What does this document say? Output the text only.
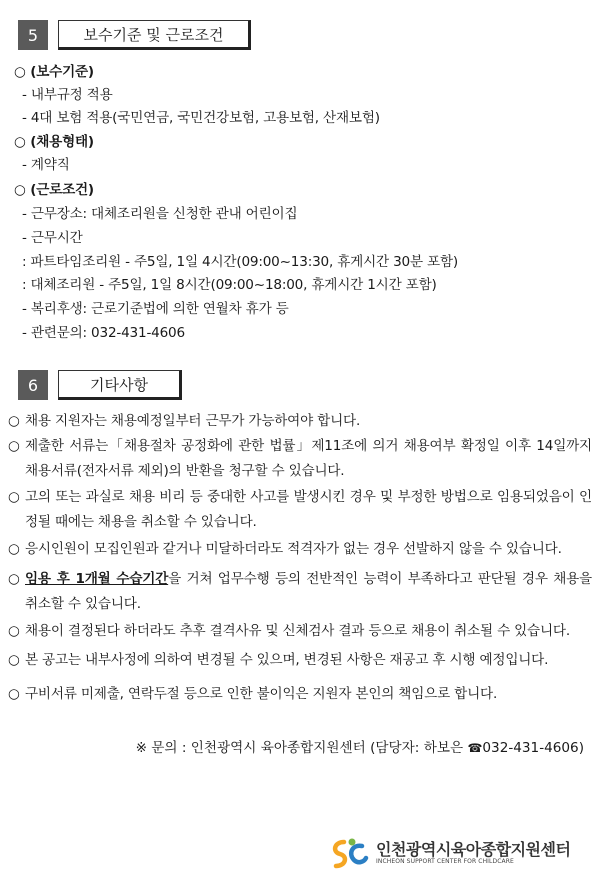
5	보수기준 및 근로조건
○ (보수기준)
- 내부규정 적용
- 4대 보험 적용(국민연금, 국민건강보험, 고용보험, 산재보험)
○ (채용형태)
- 계약직
○ (근로조건)
- 근무장소: 대체조리원을 신청한 관내 어린이집
- 근무시간
: 파트타임조리원 - 주5일, 1일 4시간(09:00~13:30, 휴게시간 30분 포함)
: 대체조리원 - 주5일, 1일 8시간(09:00~18:00, 휴게시간 1시간 포함)
- 복리후생: 근로기준법에 의한 연월차 휴가 등
- 관련문의: 032-431-4606
6	기타사항
○ 채용 지원자는 채용예정일부터 근무가 가능하여야 합니다.
○ 제출한 서류는「채용절차 공정화에 관한 법률」제11조에 의거 채용여부 확정일 이후 14일까지 채용서류(전자서류 제외)의 반환을 청구할 수 있습니다.
○ 고의 또는 과실로 채용 비리 등 중대한 사고를 발생시킨 경우 및 부정한 방법으로 임용되었음이 인정될 때에는 채용을 취소할 수 있습니다.
○ 응시인원이 모집인원과 같거나 미달하더라도 적격자가 없는 경우 선발하지 않을 수 있습니다.
○ 임용 후 1개월 수습기간을 거쳐 업무수행 등의 전반적인 능력이 부족하다고 판단될 경우 채용을 취소할 수 있습니다.
○ 채용이 결정된다 하더라도 추후 결격사유 및 신체검사 결과 등으로 채용이 취소될 수 있습니다.
○ 본 공고는 내부사정에 의하여 변경될 수 있으며, 변경된 사항은 재공고 후 시행 예정입니다.
○ 구비서류 미제출, 연락두절 등으로 인한 불이익은 지원자 본인의 책임으로 합니다.
※ 문의 : 인천광역시 육아종합지원센터 (담당자: 하보은 ☎032-431-4606)
인천광역시육아종합지원센터
INCHEON SUPPORT CENTER FOR CHILDCARE
